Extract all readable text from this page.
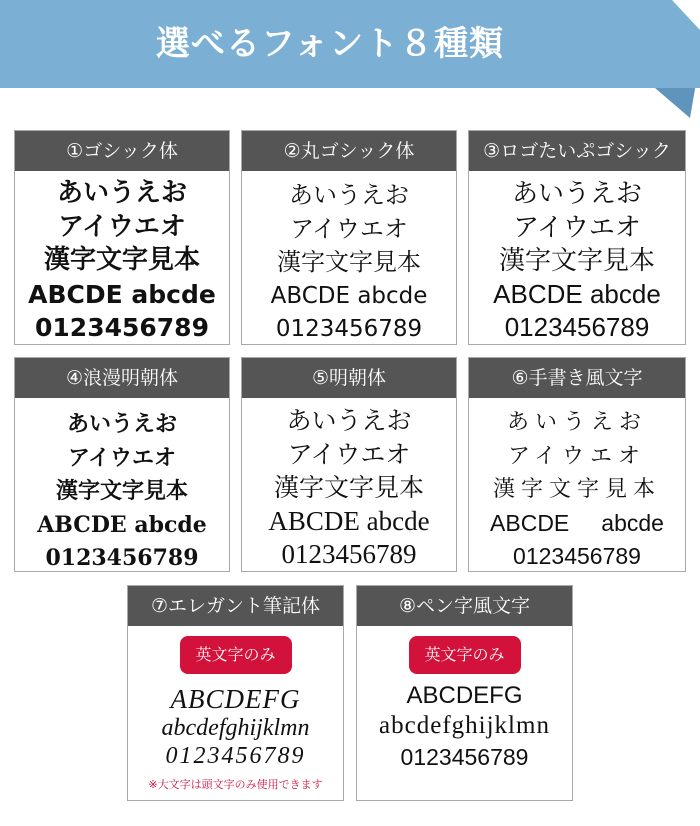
選べるフォント８種類
①ゴシック体
あいうえお
アイウエオ
漢字文字見本
ABCDE abcde
0123456789
②丸ゴシック体
あいうえお
アイウエオ
漢字文字見本
ABCDE abcde
0123456789
③ロゴたいぷゴシック
あいうえお
アイウエオ
漢字文字見本
ABCDE abcde
0123456789
④浪漫明朝体
あいうえお
アイウエオ
漢字文字見本
ABCDE abcde
0123456789
⑤明朝体
あいうえお
アイウエオ
漢字文字見本
ABCDE abcde
0123456789
⑥手書き風文字
あいうえお
アイウエオ
漢字文字見本
ABCDE abcde
0123456789
⑦エレガント筆記体
英文字のみ
ABCDEFG
abcdefghijklmn
0123456789
※大文字は頭文字のみ使用できます
⑧ペン字風文字
英文字のみ
ABCDEFG
abcdefghijklmn
0123456789
